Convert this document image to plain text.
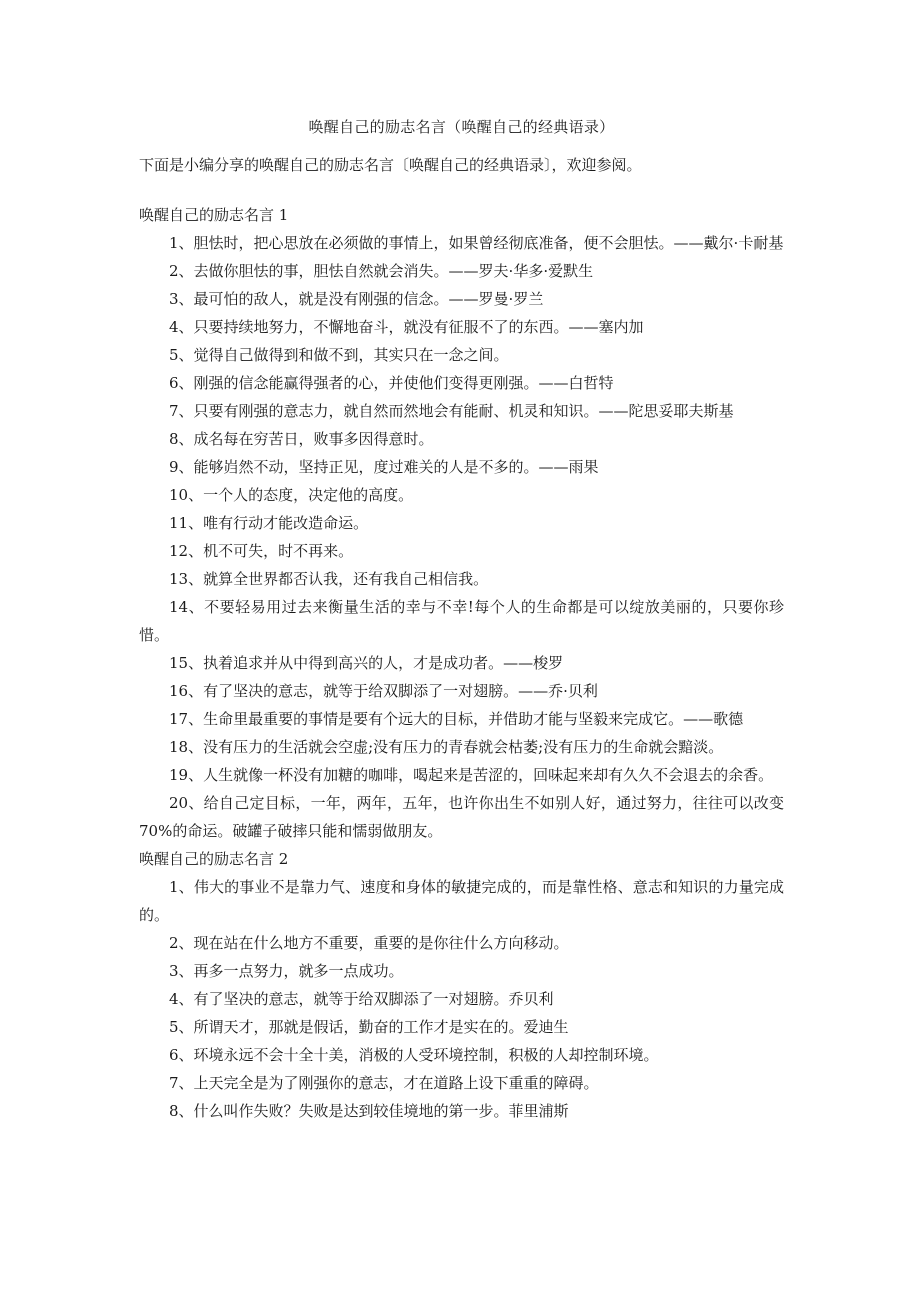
唤醒自己的励志名言（唤醒自己的经典语录）
下面是小编分享的唤醒自己的励志名言〔唤醒自己的经典语录〕，欢迎参阅。
唤醒自己的励志名言 1
1、胆怯时，把心思放在必须做的事情上，如果曾经彻底准备，便不会胆怯。——戴尔·卡耐基
2、去做你胆怯的事，胆怯自然就会消失。——罗夫·华多·爱默生
3、最可怕的敌人，就是没有刚强的信念。——罗曼·罗兰
4、只要持续地努力，不懈地奋斗，就没有征服不了的东西。——塞内加
5、觉得自己做得到和做不到，其实只在一念之间。
6、刚强的信念能赢得强者的心，并使他们变得更刚强。——白哲特
7、只要有刚强的意志力，就自然而然地会有能耐、机灵和知识。——陀思妥耶夫斯基
8、成名每在穷苦日，败事多因得意时。
9、能够岿然不动，坚持正见，度过难关的人是不多的。——雨果
10、一个人的态度，决定他的高度。
11、唯有行动才能改造命运。
12、机不可失，时不再来。
13、就算全世界都否认我，还有我自己相信我。
14、不要轻易用过去来衡量生活的幸与不幸!每个人的生命都是可以绽放美丽的，只要你珍惜。
15、执着追求并从中得到高兴的人，才是成功者。——梭罗
16、有了坚决的意志，就等于给双脚添了一对翅膀。——乔·贝利
17、生命里最重要的事情是要有个远大的目标，并借助才能与坚毅来完成它。——歌德
18、没有压力的生活就会空虚;没有压力的青春就会枯萎;没有压力的生命就会黯淡。
19、人生就像一杯没有加糖的咖啡，喝起来是苦涩的，回味起来却有久久不会退去的余香。
20、给自己定目标，一年，两年，五年，也许你出生不如别人好，通过努力，往往可以改变 70%的命运。破罐子破摔只能和懦弱做朋友。
唤醒自己的励志名言 2
1、伟大的事业不是靠力气、速度和身体的敏捷完成的，而是靠性格、意志和知识的力量完成的。
2、现在站在什么地方不重要，重要的是你往什么方向移动。
3、再多一点努力，就多一点成功。
4、有了坚决的意志，就等于给双脚添了一对翅膀。乔贝利
5、所谓天才，那就是假话，勤奋的工作才是实在的。爱迪生
6、环境永远不会十全十美，消极的人受环境控制，积极的人却控制环境。
7、上天完全是为了刚强你的意志，才在道路上设下重重的障碍。
8、什么叫作失败？失败是达到较佳境地的第一步。菲里浦斯
